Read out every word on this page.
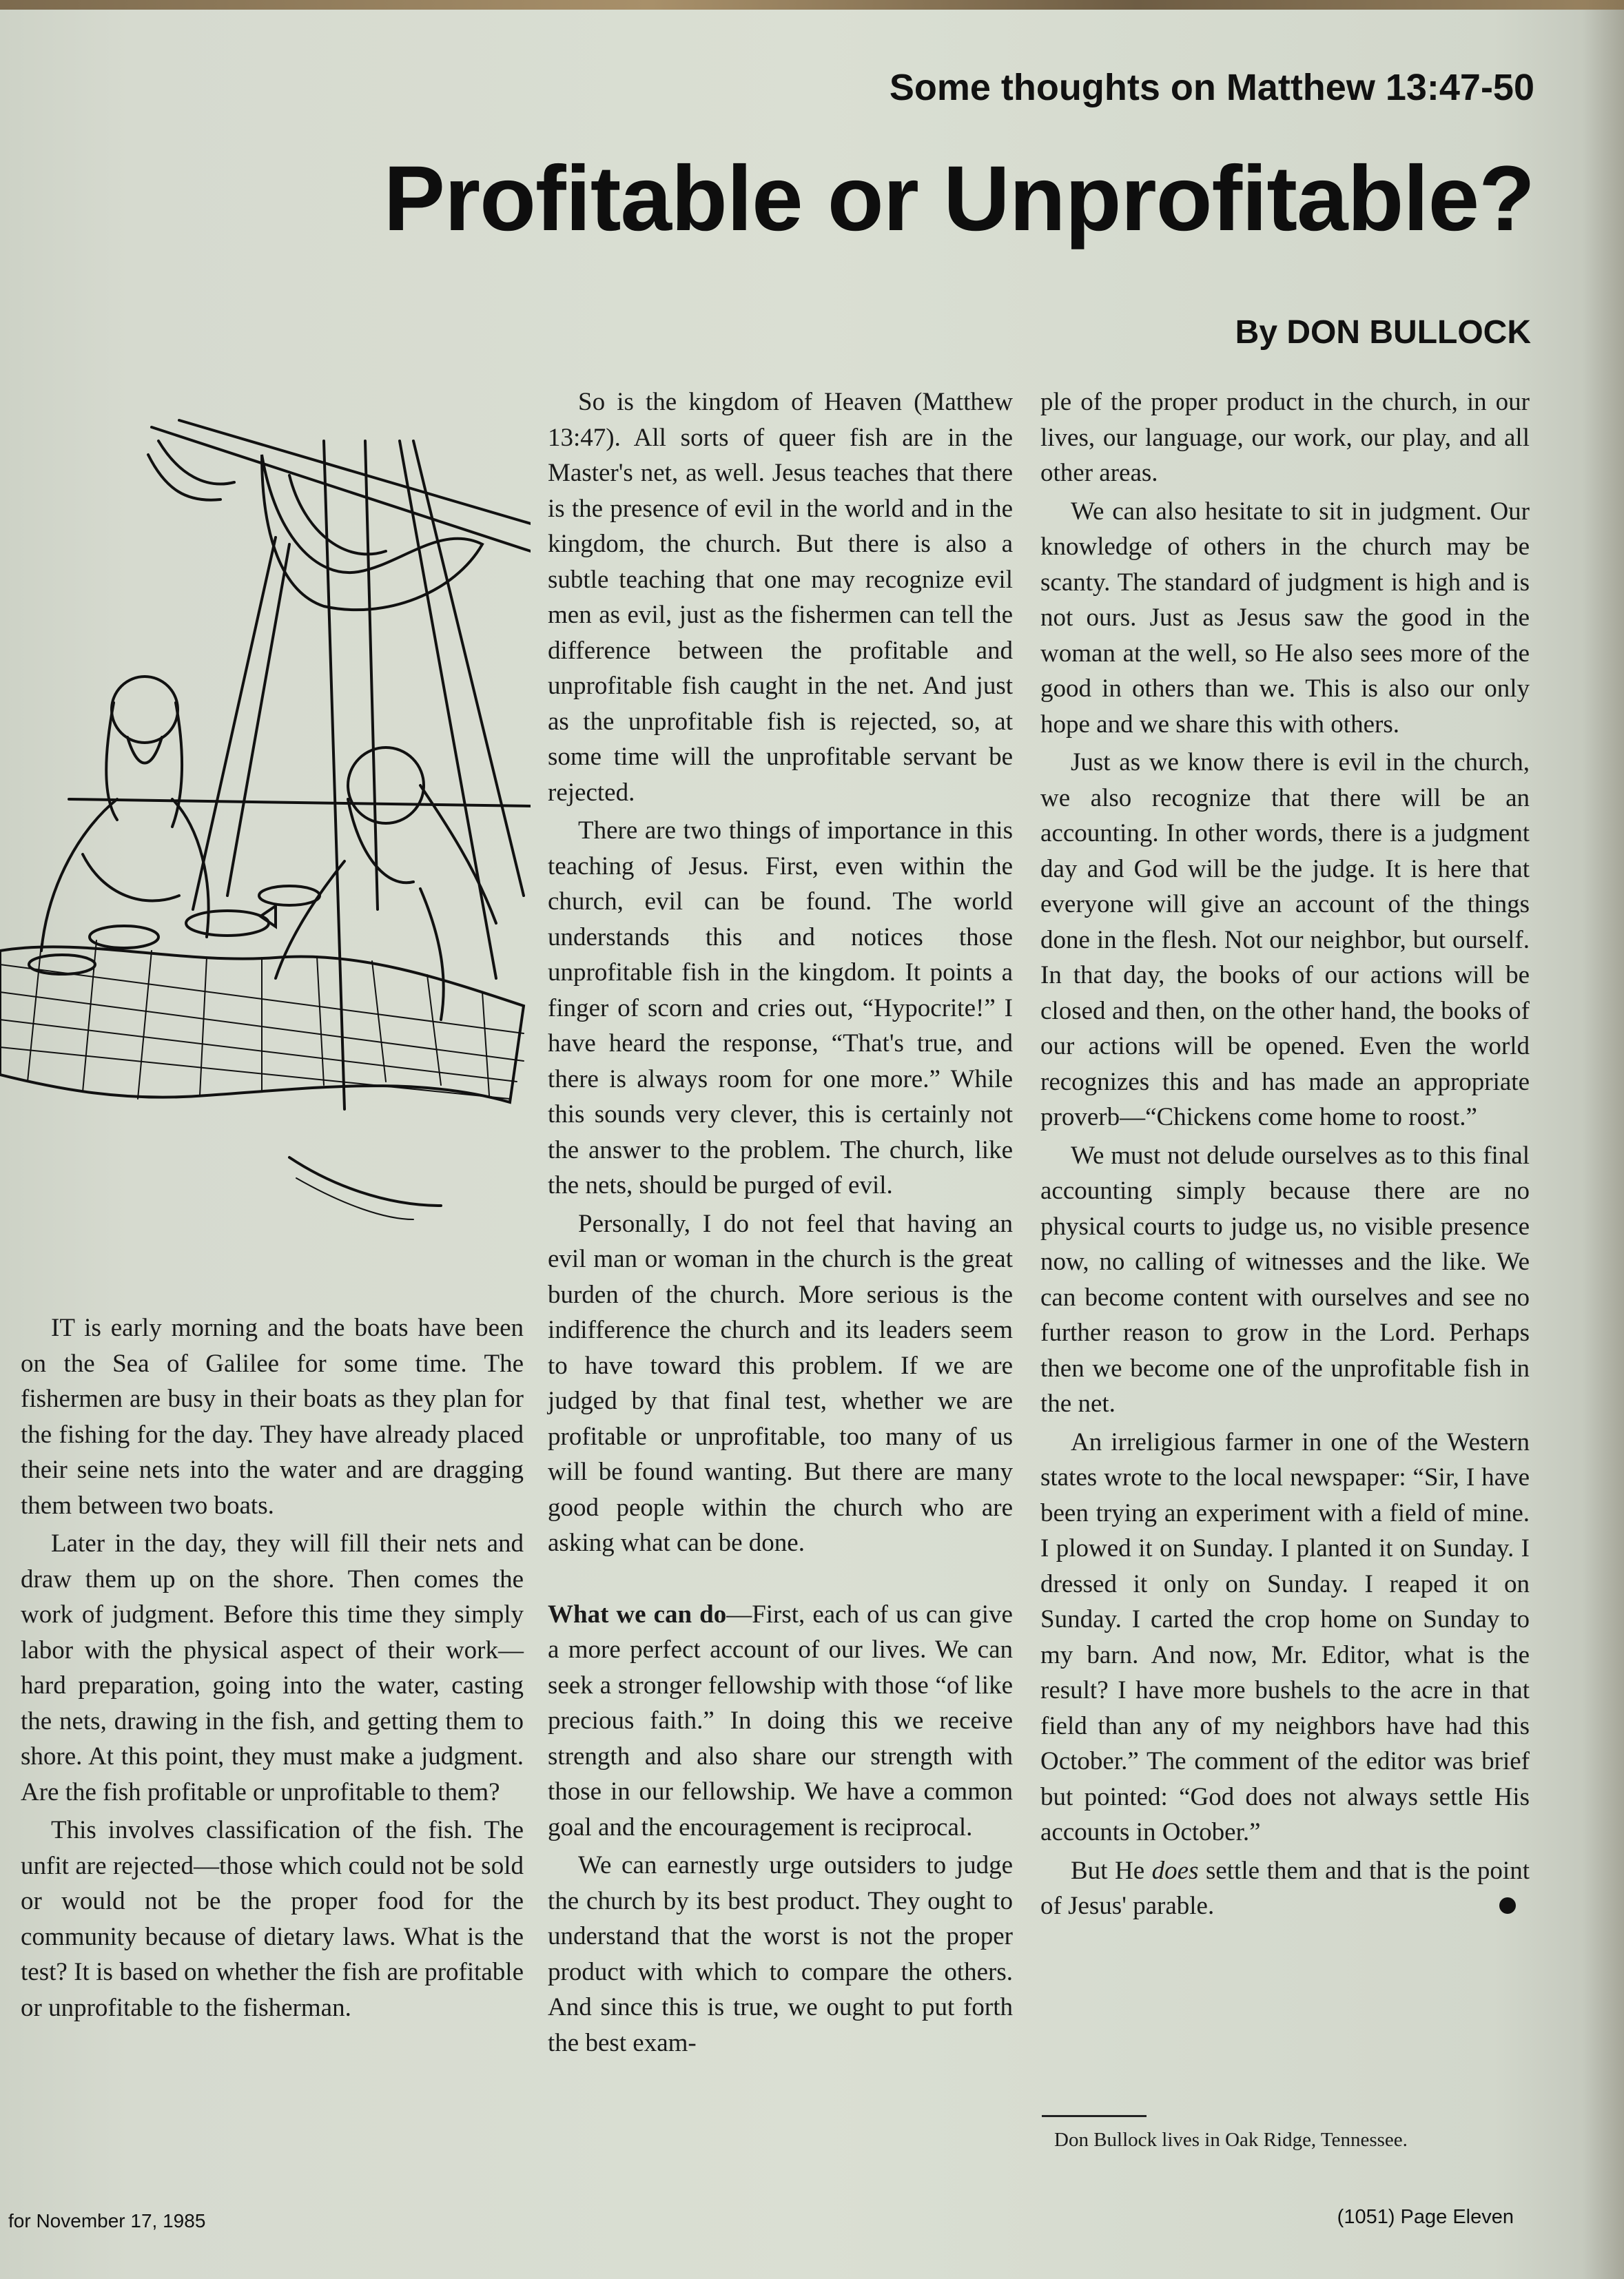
Some thoughts on Matthew 13:47-50
Profitable or Unprofitable?
By DON BULLOCK

IT is early morning and the boats have been on the Sea of Galilee for some time. The fishermen are busy in their boats as they plan for the fishing for the day. They have already placed their seine nets into the water and are dragging them between two boats.

Later in the day, they will fill their nets and draw them up on the shore. Then comes the work of judgment. Before this time they simply labor with the physical aspect of their work—hard preparation, going into the water, casting the nets, drawing in the fish, and getting them to shore. At this point, they must make a judgment. Are the fish profitable or unprofitable to them?

This involves classification of the fish. The unfit are rejected—those which could not be sold or would not be the proper food for the community because of dietary laws. What is the test? It is based on whether the fish are profitable or unprofitable to the fisherman.

So is the kingdom of Heaven (Matthew 13:47). All sorts of queer fish are in the Master's net, as well. Jesus teaches that there is the presence of evil in the world and in the kingdom, the church. But there is also a subtle teaching that one may recognize evil men as evil, just as the fishermen can tell the difference between the profitable and unprofitable fish caught in the net. And just as the unprofitable fish is rejected, so, at some time will the unprofitable servant be rejected.

There are two things of importance in this teaching of Jesus. First, even within the church, evil can be found. The world understands this and notices those unprofitable fish in the kingdom. It points a finger of scorn and cries out, “Hypocrite!” I have heard the response, “That's true, and there is always room for one more.” While this sounds very clever, this is certainly not the answer to the problem. The church, like the nets, should be purged of evil.

Personally, I do not feel that having an evil man or woman in the church is the great burden of the church. More serious is the indifference the church and its leaders seem to have toward this problem. If we are judged by that final test, whether we are profitable or unprofitable, too many of us will be found wanting. But there are many good people within the church who are asking what can be done.

What we can do—First, each of us can give a more perfect account of our lives. We can seek a stronger fellowship with those “of like precious faith.” In doing this we receive strength and also share our strength with those in our fellowship. We have a common goal and the encouragement is reciprocal.

We can earnestly urge outsiders to judge the church by its best product. They ought to understand that the worst is not the proper product with which to compare the others. And since this is true, we ought to put forth the best exam-

ple of the proper product in the church, in our lives, our language, our work, our play, and all other areas.

We can also hesitate to sit in judgment. Our knowledge of others in the church may be scanty. The standard of judgment is high and is not ours. Just as Jesus saw the good in the woman at the well, so He also sees more of the good in others than we. This is also our only hope and we share this with others.

Just as we know there is evil in the church, we also recognize that there will be an accounting. In other words, there is a judgment day and God will be the judge. It is here that everyone will give an account of the things done in the flesh. Not our neighbor, but ourself. In that day, the books of our actions will be closed and then, on the other hand, the books of our actions will be opened. Even the world recognizes this and has made an appropriate proverb—“Chickens come home to roost.”

We must not delude ourselves as to this final accounting simply because there are no physical courts to judge us, no visible presence now, no calling of witnesses and the like. We can become content with ourselves and see no further reason to grow in the Lord. Perhaps then we become one of the unprofitable fish in the net.

An irreligious farmer in one of the Western states wrote to the local newspaper: “Sir, I have been trying an experiment with a field of mine. I plowed it on Sunday. I planted it on Sunday. I dressed it only on Sunday. I reaped it on Sunday. I carted the crop home on Sunday to my barn. And now, Mr. Editor, what is the result? I have more bushels to the acre in that field than any of my neighbors have had this October.” The comment of the editor was brief but pointed: “God does not always settle His accounts in October.”

But He does settle them and that is the point of Jesus' parable.

Don Bullock lives in Oak Ridge, Tennessee.
for November 17, 1985	(1051) Page Eleven
